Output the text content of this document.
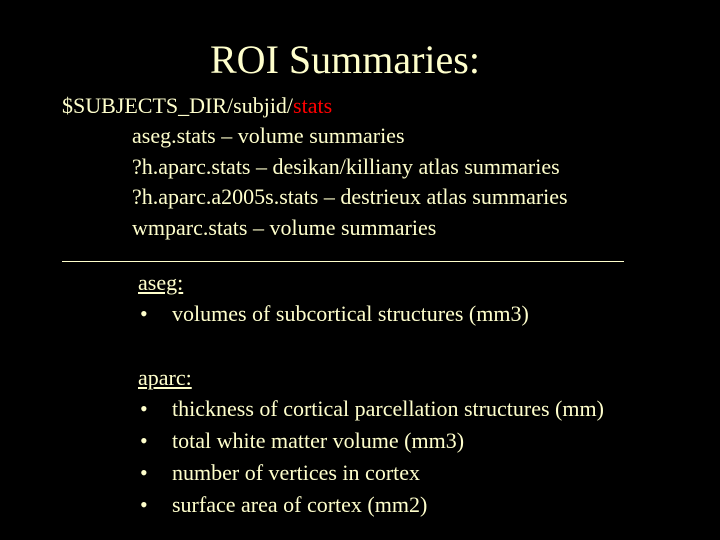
ROI Summaries:
$SUBJECTS_DIR/subjid/stats
aseg.stats – volume summaries
?h.aparc.stats – desikan/killiany atlas summaries
?h.aparc.a2005s.stats – destrieux atlas summaries
wmparc.stats – volume summaries
aseg:
• volumes of subcortical structures (mm3)
aparc:
• thickness of cortical parcellation structures (mm)
• total white matter volume (mm3)
• number of vertices in cortex
• surface area of cortex (mm2)
